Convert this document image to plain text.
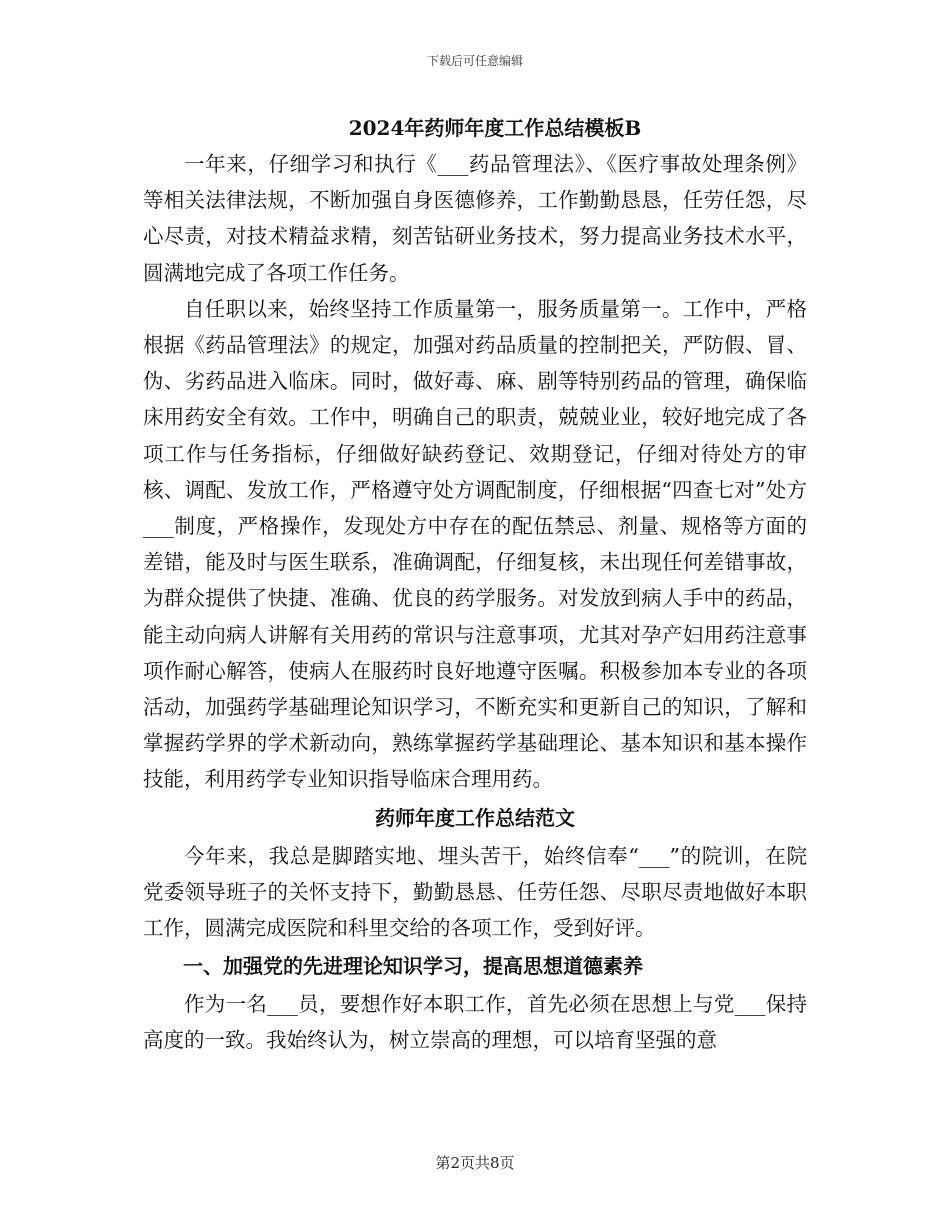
下载后可任意编辑
2024年药师年度工作总结模板B

一年来，仔细学习和执行《___药品管理法》、《医疗事故处理条例》等相关法律法规，不断加强自身医德修养，工作勤勤恳恳，任劳任怨，尽心尽责，对技术精益求精，刻苦钻研业务技术，努力提高业务技术水平，圆满地完成了各项工作任务。

自任职以来，始终坚持工作质量第一，服务质量第一。工作中，严格根据《药品管理法》的规定，加强对药品质量的控制把关，严防假、冒、伪、劣药品进入临床。同时，做好毒、麻、剧等特别药品的管理，确保临床用药安全有效。工作中，明确自己的职责，兢兢业业，较好地完成了各项工作与任务指标，仔细做好缺药登记、效期登记，仔细对待处方的审核、调配、发放工作，严格遵守处方调配制度，仔细根据“四查七对”处方___制度，严格操作，发现处方中存在的配伍禁忌、剂量、规格等方面的差错，能及时与医生联系，准确调配，仔细复核，未出现任何差错事故，为群众提供了快捷、准确、优良的药学服务。对发放到病人手中的药品，能主动向病人讲解有关用药的常识与注意事项，尤其对孕产妇用药注意事项作耐心解答，使病人在服药时良好地遵守医嘱。积极参加本专业的各项活动，加强药学基础理论知识学习，不断充实和更新自己的知识，了解和掌握药学界的学术新动向，熟练掌握药学基础理论、基本知识和基本操作技能，利用药学专业知识指导临床合理用药。

药师年度工作总结范文

今年来，我总是脚踏实地、埋头苦干，始终信奉“___”的院训，在院党委领导班子的关怀支持下，勤勤恳恳、任劳任怨、尽职尽责地做好本职工作，圆满完成医院和科里交给的各项工作，受到好评。

一、加强党的先进理论知识学习，提高思想道德素养

作为一名___员，要想作好本职工作，首先必须在思想上与党___保持高度的一致。我始终认为，树立崇高的理想，可以培育坚强的意

第2页共8页
